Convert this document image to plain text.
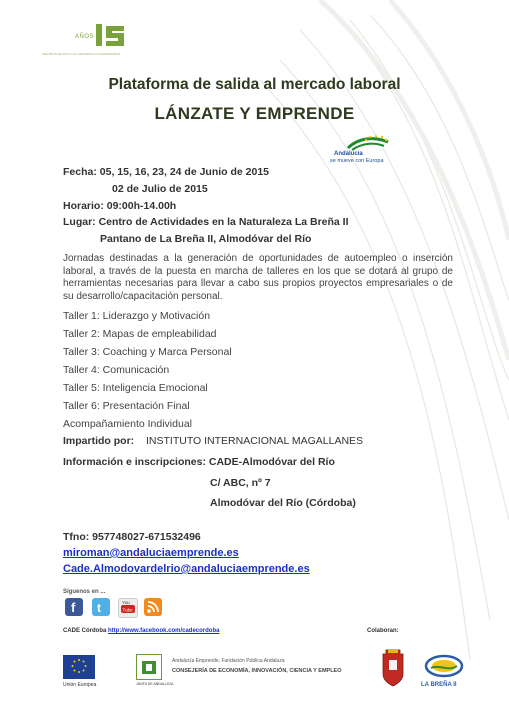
AÑOS
CENTROS DE APOYO AL DESARROLLO EMPRESARIAL
Plataforma de salida al mercado laboral
LÁNZATE Y EMPRENDE
Andalucía
se mueve con Europa
Fecha: 05, 15, 16, 23, 24 de Junio de 2015
02 de Julio de 2015
Horario: 09:00h-14.00h
Lugar: Centro de Actividades en la Naturaleza La Breña II
Pantano de La Breña II, Almodóvar del Río
Jornadas destinadas a la generación de oportunidades de autoempleo o inserción laboral, a través de la puesta en marcha de talleres en los que se dotará al grupo de herramientas necesarias para llevar a cabo sus propios proyectos empresariales o de su desarrollo/capacitación personal.
Taller 1: Liderazgo y Motivación
Taller 2: Mapas de empleabilidad
Taller 3: Coaching y Marca Personal
Taller 4: Comunicación
Taller 5: Inteligencia Emocional
Taller 6: Presentación Final
Acompañamiento Individual
Impartido por: INSTITUTO INTERNACIONAL MAGALLANES
Información e inscripciones: CADE-Almodóvar del Río
C/ ABC, nº 7
Almodóvar del Río (Córdoba)
Tfno: 957748027-671532496
miroman@andaluciaemprende.es
Cade.Almodovardelrio@andaluciaemprende.es
Síguenos en ...
f t	You
Tube
CADE Córdoba http://www.facebook.com/cadecordoba	Colaboran:
Unión Europea	JUNTA DE ANDALUCIA
Andalucía Emprende, Fundación Pública Andaluza
CONSEJERÍA DE ECONOMÍA, INNOVACIÓN, CIENCIA Y EMPLEO
LA BREÑA II
